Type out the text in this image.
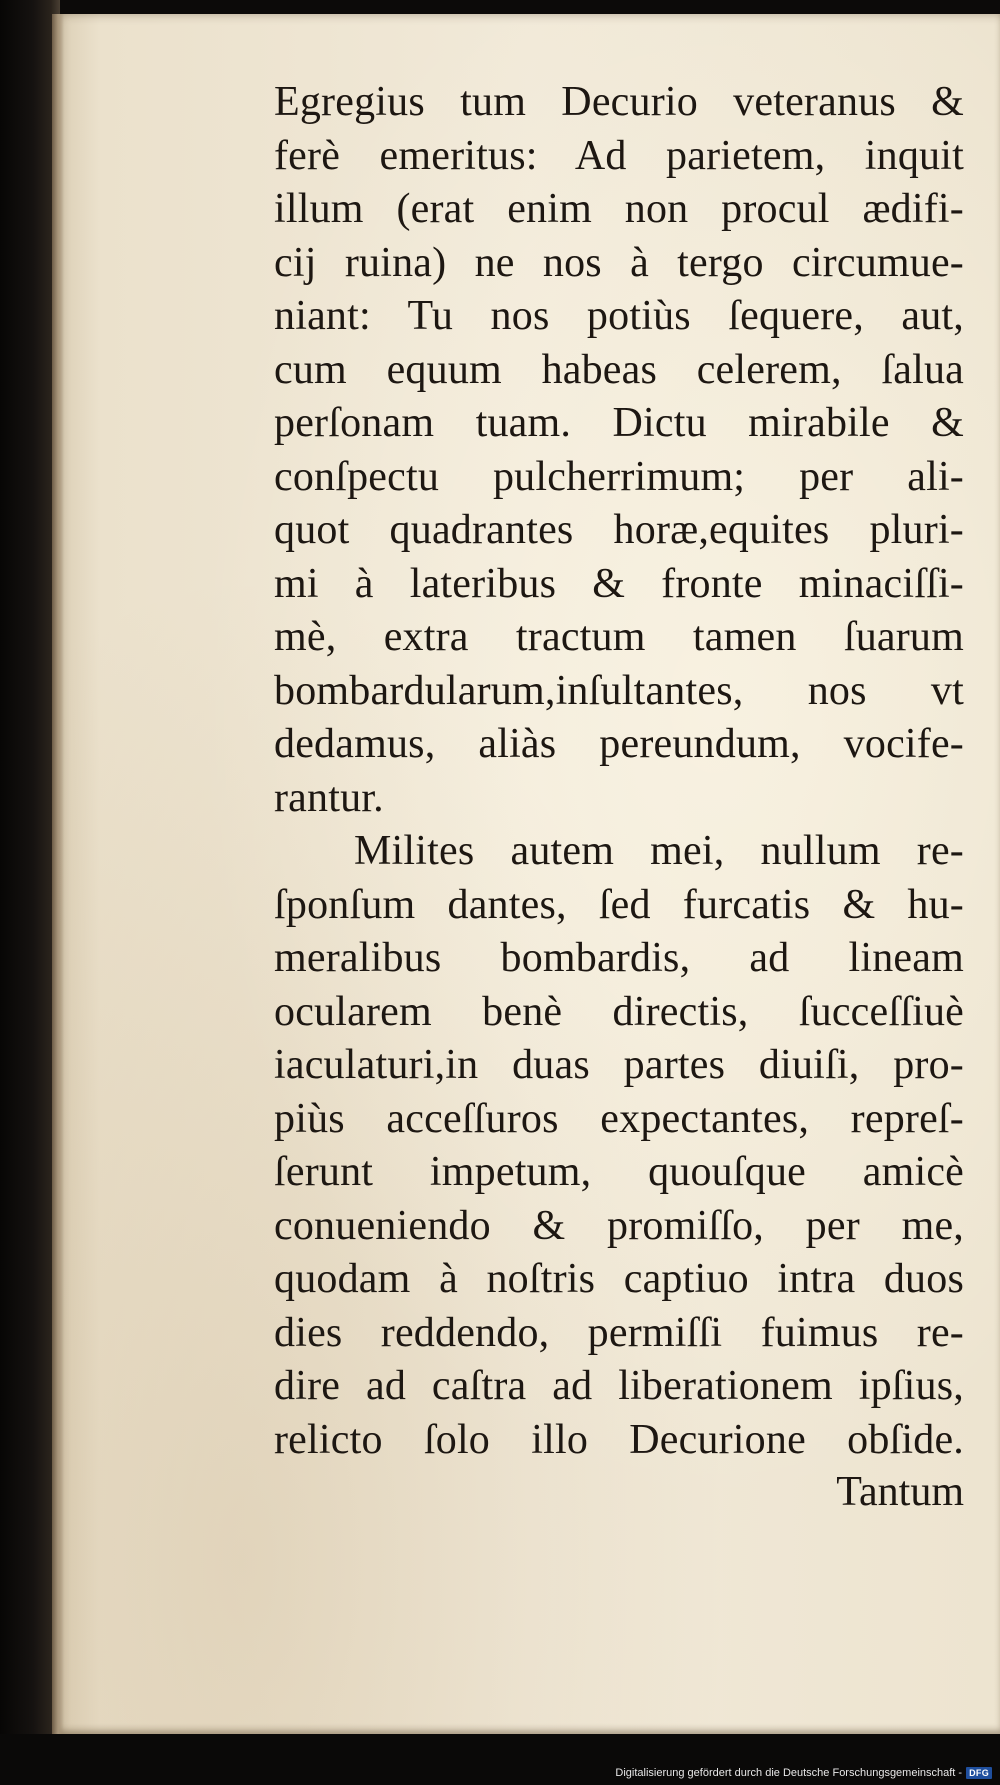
Egregius tum Decurio veteranus &
ferè emeritus: Ad parietem, inquit
illum (erat enim non procul ædifi-
cij ruina) ne nos à tergo circumue-
niant: Tu nos potiùs ſequere, aut,
cum equum habeas celerem, ſalua
perſonam tuam. Dictu mirabile &
conſpectu pulcherrimum; per ali-
quot quadrantes horæ,equites pluri-
mi à lateribus & fronte minaciſſi-
mè, extra tractum tamen ſuarum
bombardularum,inſultantes, nos vt
dedamus, aliàs pereundum, vocife-
rantur.
Milites autem mei, nullum re-
ſponſum dantes, ſed furcatis & hu-
meralibus bombardis, ad lineam
ocularem benè directis, ſucceſſiuè
iaculaturi,in duas partes diuiſi, pro-
piùs acceſſuros expectantes, repreſ-
ſerunt impetum, quouſque amicè
conueniendo & promiſſo, per me,
quodam à noſtris captiuo intra duos
dies reddendo, permiſſi fuimus re-
dire ad caſtra ad liberationem ipſius,
relicto ſolo illo Decurione obſide.
Tantum
Digitalisierung gefördert durch die Deutsche Forschungsgemeinschaft - DFG
